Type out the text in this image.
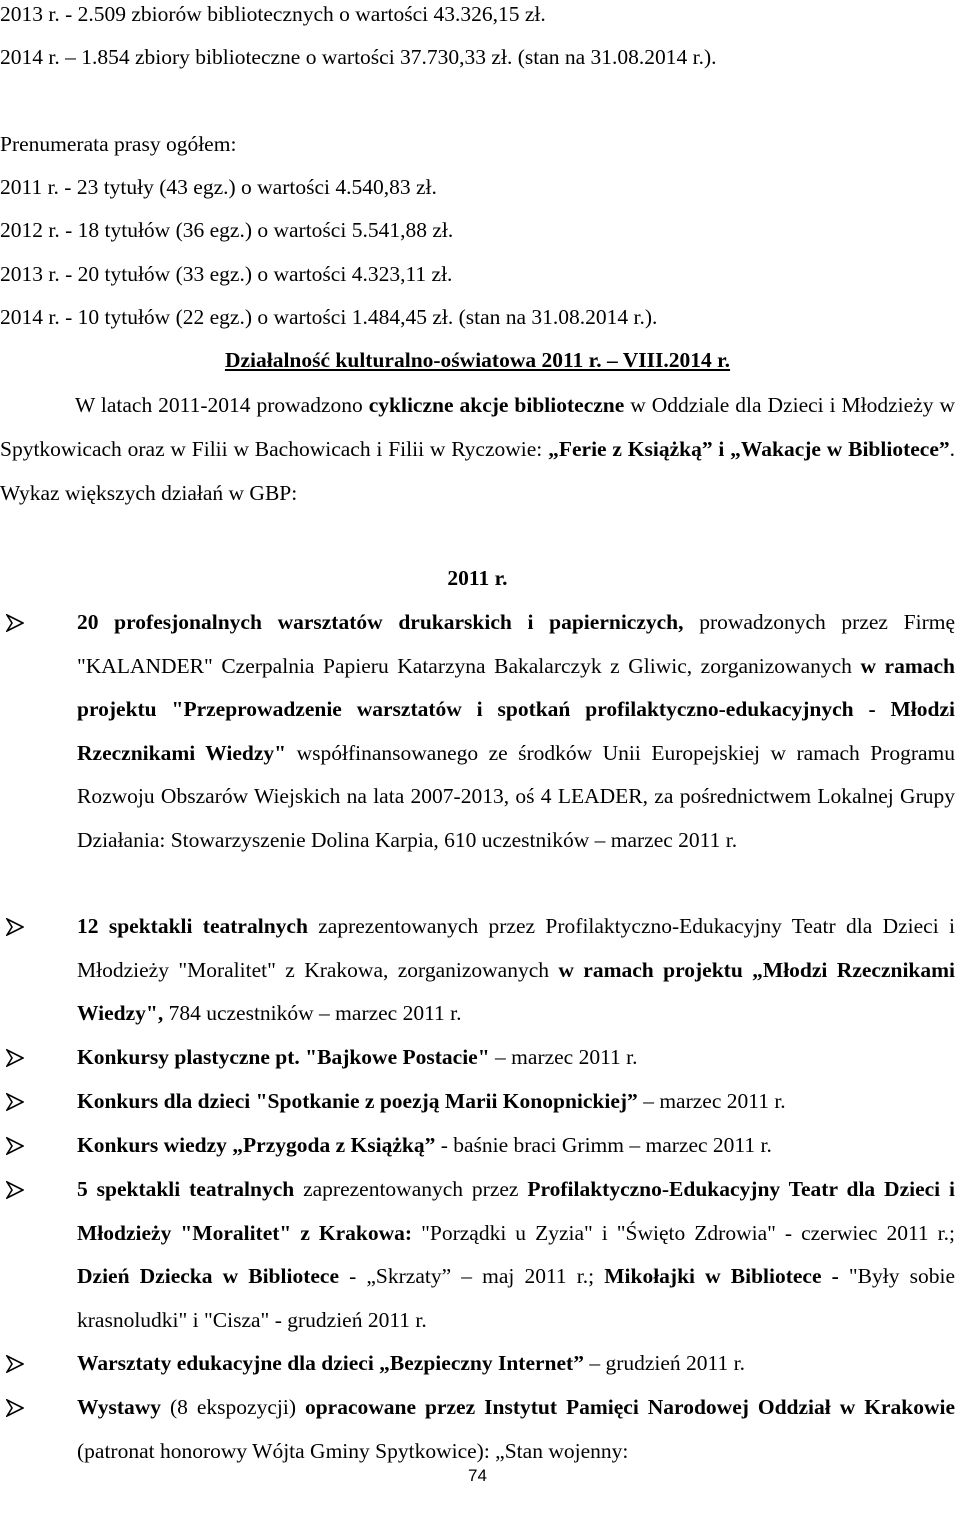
2013 r. - 2.509 zbiorów bibliotecznych o wartości 43.326,15 zł.
2014 r. – 1.854 zbiory biblioteczne o wartości 37.730,33 zł. (stan na 31.08.2014 r.).
Prenumerata prasy ogółem:
2011 r. - 23 tytuły (43 egz.) o wartości 4.540,83 zł.
2012 r. - 18 tytułów (36 egz.) o wartości 5.541,88 zł.
2013 r. - 20 tytułów (33 egz.) o wartości 4.323,11 zł.
2014 r. - 10 tytułów (22 egz.) o wartości 1.484,45 zł. (stan na 31.08.2014 r.).
Działalność kulturalno-oświatowa 2011 r. – VIII.2014 r.
W latach 2011-2014 prowadzono cykliczne akcje biblioteczne w Oddziale dla Dzieci i Młodzieży w Spytkowicach oraz w Filii w Bachowicach i Filii w Ryczowie: „Ferie z Książką” i „Wakacje w Bibliotece”. Wykaz większych działań w GBP:
2011 r.
20 profesjonalnych warsztatów drukarskich i papierniczych, prowadzonych przez Firmę "KALANDER" Czerpalnia Papieru Katarzyna Bakalarczyk z Gliwic, zorganizowanych w ramach projektu "Przeprowadzenie warsztatów i spotkań profilaktyczno-edukacyjnych - Młodzi Rzecznikami Wiedzy" współfinansowanego ze środków Unii Europejskiej w ramach Programu Rozwoju Obszarów Wiejskich na lata 2007-2013, oś 4 LEADER, za pośrednictwem Lokalnej Grupy Działania: Stowarzyszenie Dolina Karpia, 610 uczestników – marzec 2011 r.
12 spektakli teatralnych zaprezentowanych przez Profilaktyczno-Edukacyjny Teatr dla Dzieci i Młodzieży "Moralitet" z Krakowa, zorganizowanych w ramach projektu „Młodzi Rzecznikami Wiedzy", 784 uczestników – marzec 2011 r.
Konkursy plastyczne pt. "Bajkowe Postacie" – marzec 2011 r.
Konkurs dla dzieci "Spotkanie z poezją Marii Konopnickiej” – marzec 2011 r.
Konkurs wiedzy „Przygoda z Książką” - baśnie braci Grimm – marzec 2011 r.
5 spektakli teatralnych zaprezentowanych przez Profilaktyczno-Edukacyjny Teatr dla Dzieci i Młodzieży "Moralitet" z Krakowa: "Porządki u Zyzia" i "Święto Zdrowia" - czerwiec 2011 r.; Dzień Dziecka w Bibliotece - „Skrzaty” – maj 2011 r.; Mikołajki w Bibliotece - "Były sobie krasnoludki" i "Cisza" - grudzień 2011 r.
Warsztaty edukacyjne dla dzieci „Bezpieczny Internet” – grudzień 2011 r.
Wystawy (8 ekspozycji) opracowane przez Instytut Pamięci Narodowej Oddział w Krakowie (patronat honorowy Wójta Gminy Spytkowice): „Stan wojenny:
74
